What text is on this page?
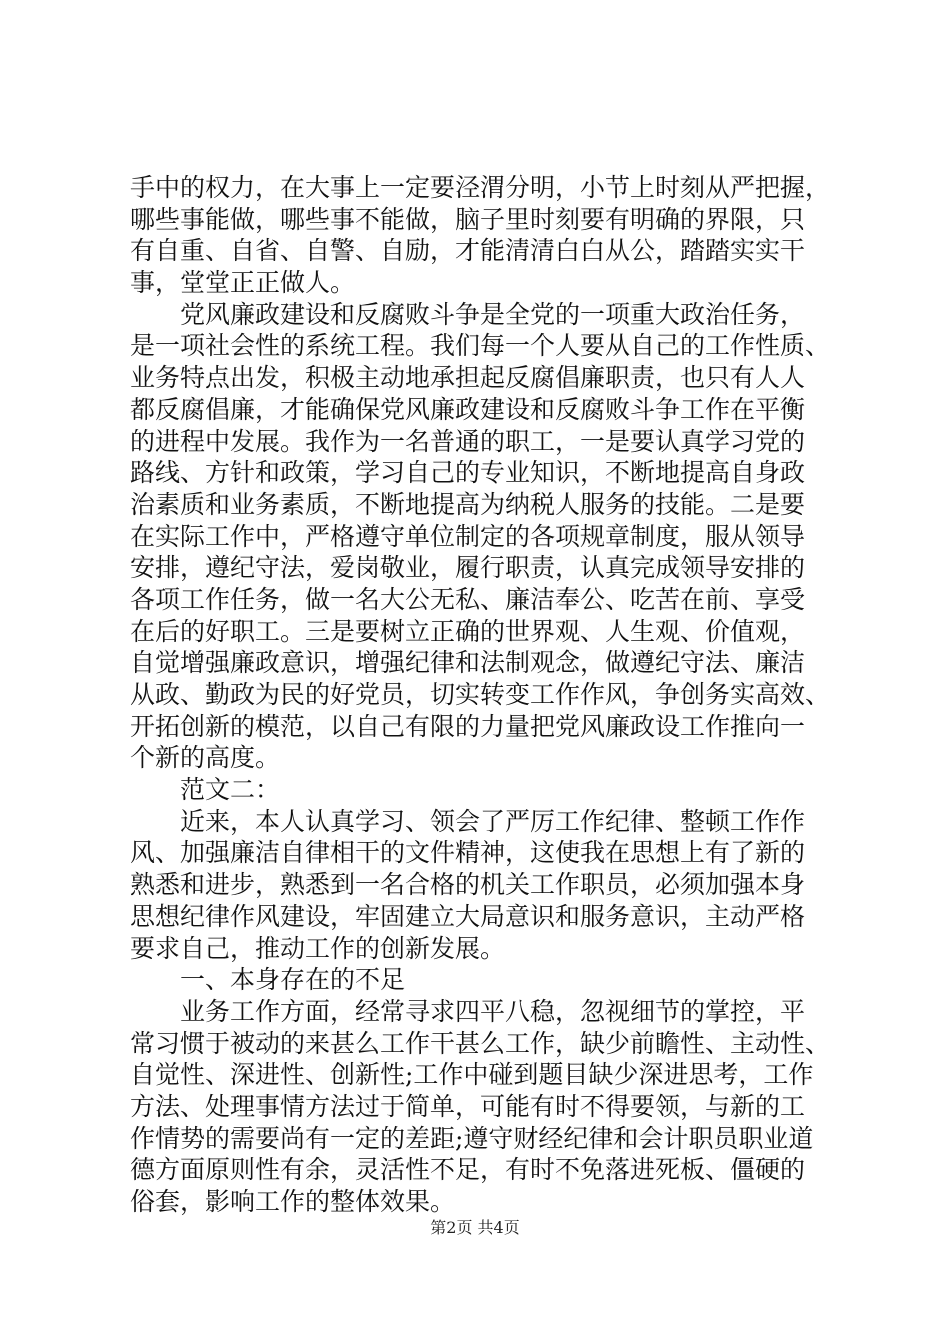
手中的权力，在大事上一定要泾渭分明，小节上时刻从严把握，
哪些事能做，哪些事不能做，脑子里时刻要有明确的界限，只
有自重、自省、自警、自励，才能清清白白从公，踏踏实实干
事，堂堂正正做人。
　　党风廉政建设和反腐败斗争是全党的一项重大政治任务，
是一项社会性的系统工程。我们每一个人要从自己的工作性质、
业务特点出发，积极主动地承担起反腐倡廉职责，也只有人人
都反腐倡廉，才能确保党风廉政建设和反腐败斗争工作在平衡
的进程中发展。我作为一名普通的职工，一是要认真学习党的
路线、方针和政策，学习自己的专业知识，不断地提高自身政
治素质和业务素质，不断地提高为纳税人服务的技能。二是要
在实际工作中，严格遵守单位制定的各项规章制度，服从领导
安排，遵纪守法，爱岗敬业，履行职责，认真完成领导安排的
各项工作任务，做一名大公无私、廉洁奉公、吃苦在前、享受
在后的好职工。三是要树立正确的世界观、人生观、价值观，
自觉增强廉政意识，增强纪律和法制观念，做遵纪守法、廉洁
从政、勤政为民的好党员，切实转变工作作风，争创务实高效、
开拓创新的模范，以自己有限的力量把党风廉政设工作推向一
个新的高度。
　　范文二：
　　近来，本人认真学习、领会了严厉工作纪律、整顿工作作
风、加强廉洁自律相干的文件精神，这使我在思想上有了新的
熟悉和进步，熟悉到一名合格的机关工作职员，必须加强本身
思想纪律作风建设，牢固建立大局意识和服务意识，主动严格
要求自己，推动工作的创新发展。
　　一、本身存在的不足
　　业务工作方面，经常寻求四平八稳，忽视细节的掌控，平
常习惯于被动的来甚么工作干甚么工作，缺少前瞻性、主动性、
自觉性、深进性、创新性;工作中碰到题目缺少深进思考，工作
方法、处理事情方法过于简单，可能有时不得要领，与新的工
作情势的需要尚有一定的差距;遵守财经纪律和会计职员职业道
德方面原则性有余，灵活性不足，有时不免落进死板、僵硬的
俗套，影响工作的整体效果。
第2页 共4页
